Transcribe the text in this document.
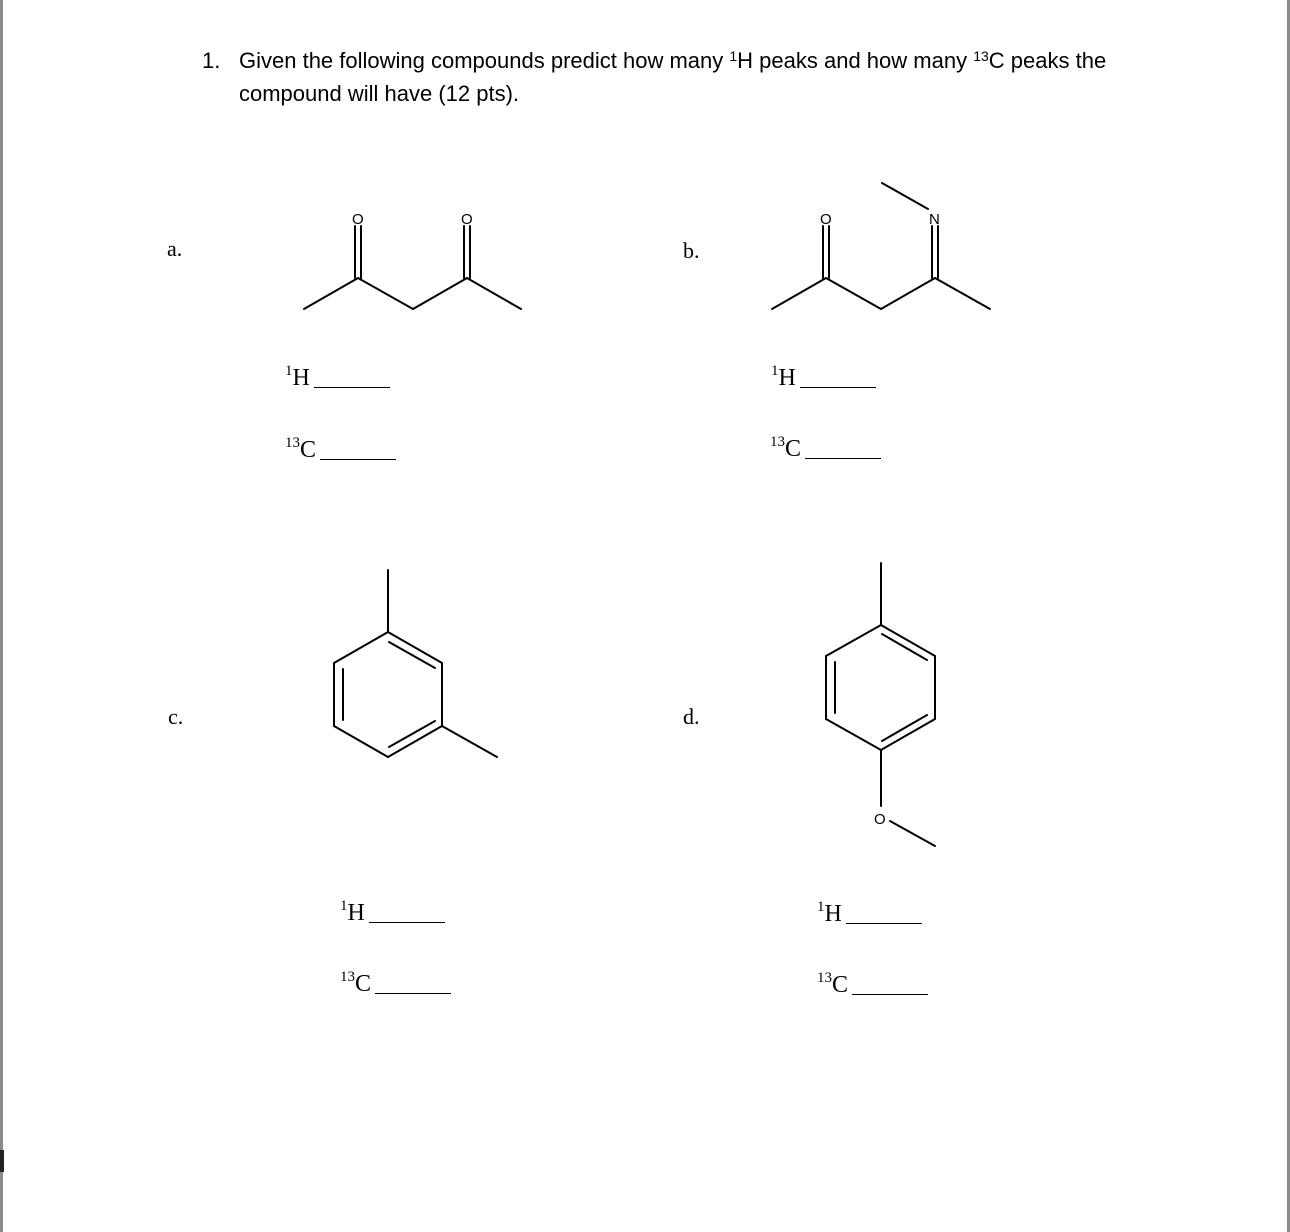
1. Given the following compounds predict how many $^1$H peaks and how many $^{13}$C peaks the compound will have (12 pts).
a.
O	O
$^1$H
$^{13}$C
b.
O	N
$^1$H
$^{13}$C
c.
$^1$H
$^{13}$C
d.
O
$^1$H
$^{13}$C
